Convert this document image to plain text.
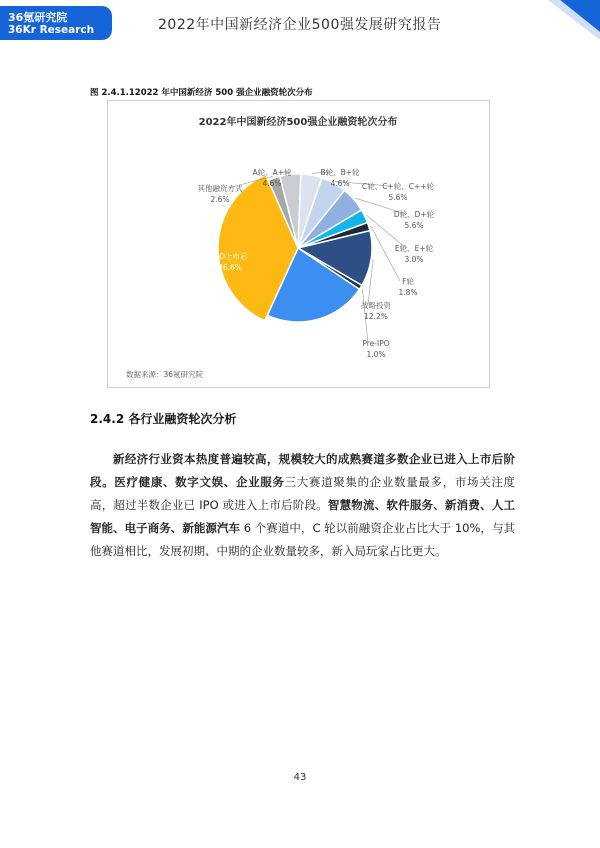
36氪研究院
36Kr Research	2022年中国新经济企业500强发展研究报告
图 2.4.1.12022 年中国新经济 500 强企业融资轮次分布
2022年中国新经济500强企业融资轮次分布
A轮、A+轮
4.6%
B轮、B+轮
4.6% C轮、C+轮、C++轮
5.6%
D轮、D+轮
5.6%
E轮、E+轮
3.0%
F轮
1.8%
战略投资
12.2%
Pre-IPO
1.0%
IPO
22.4%
IPO上市后
36.6%
其他融资方式
2.6%
数据来源：36氪研究院
2.4.2 各行业融资轮次分析

新经济行业资本热度普遍较高，规模较大的成熟赛道多数企业已进入上市后阶段。医疗健康、数字文娱、企业服务三大赛道聚集的企业数量最多，市场关注度高，超过半数企业已 IPO 或进入上市后阶段。智慧物流、软件服务、新消费、人工智能、电子商务、新能源汽车 6 个赛道中，C 轮以前融资企业占比大于 10%，与其他赛道相比，发展初期、中期的企业数量较多，新入局玩家占比更大。

43
